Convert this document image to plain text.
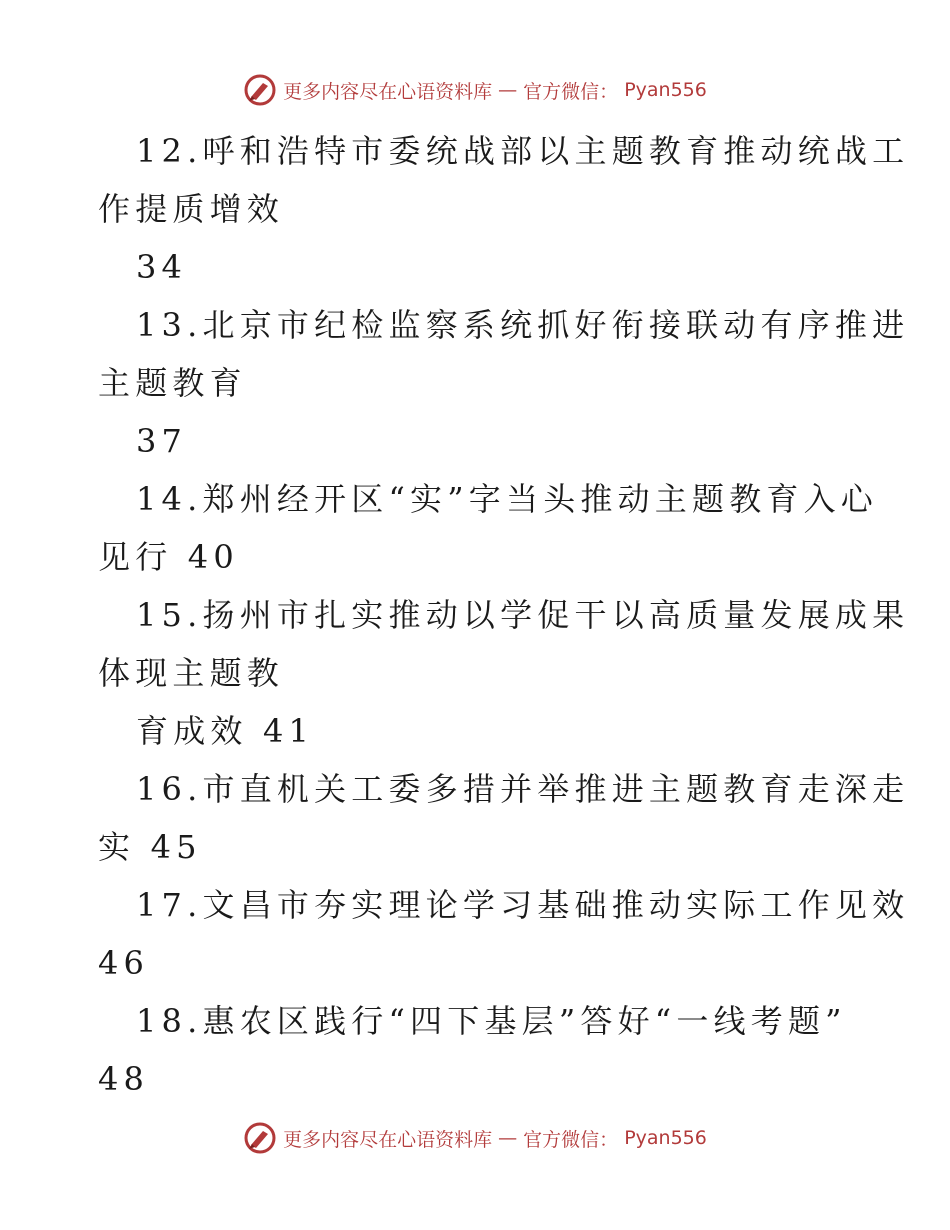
更多内容尽在心语资料库 — 官方微信： Pyan556
12.呼和浩特市委统战部以主题教育推动统战工
作提质增效
34
13.北京市纪检监察系统抓好衔接联动有序推进
主题教育
37
14.郑州经开区“实”字当头推动主题教育入心
见行 40
15.扬州市扎实推动以学促干以高质量发展成果
体现主题教
育成效 41
16.市直机关工委多措并举推进主题教育走深走
实 45
17.文昌市夯实理论学习基础推动实际工作见效
46
18.惠农区践行“四下基层”答好“一线考题”
48
更多内容尽在心语资料库 — 官方微信： Pyan556
